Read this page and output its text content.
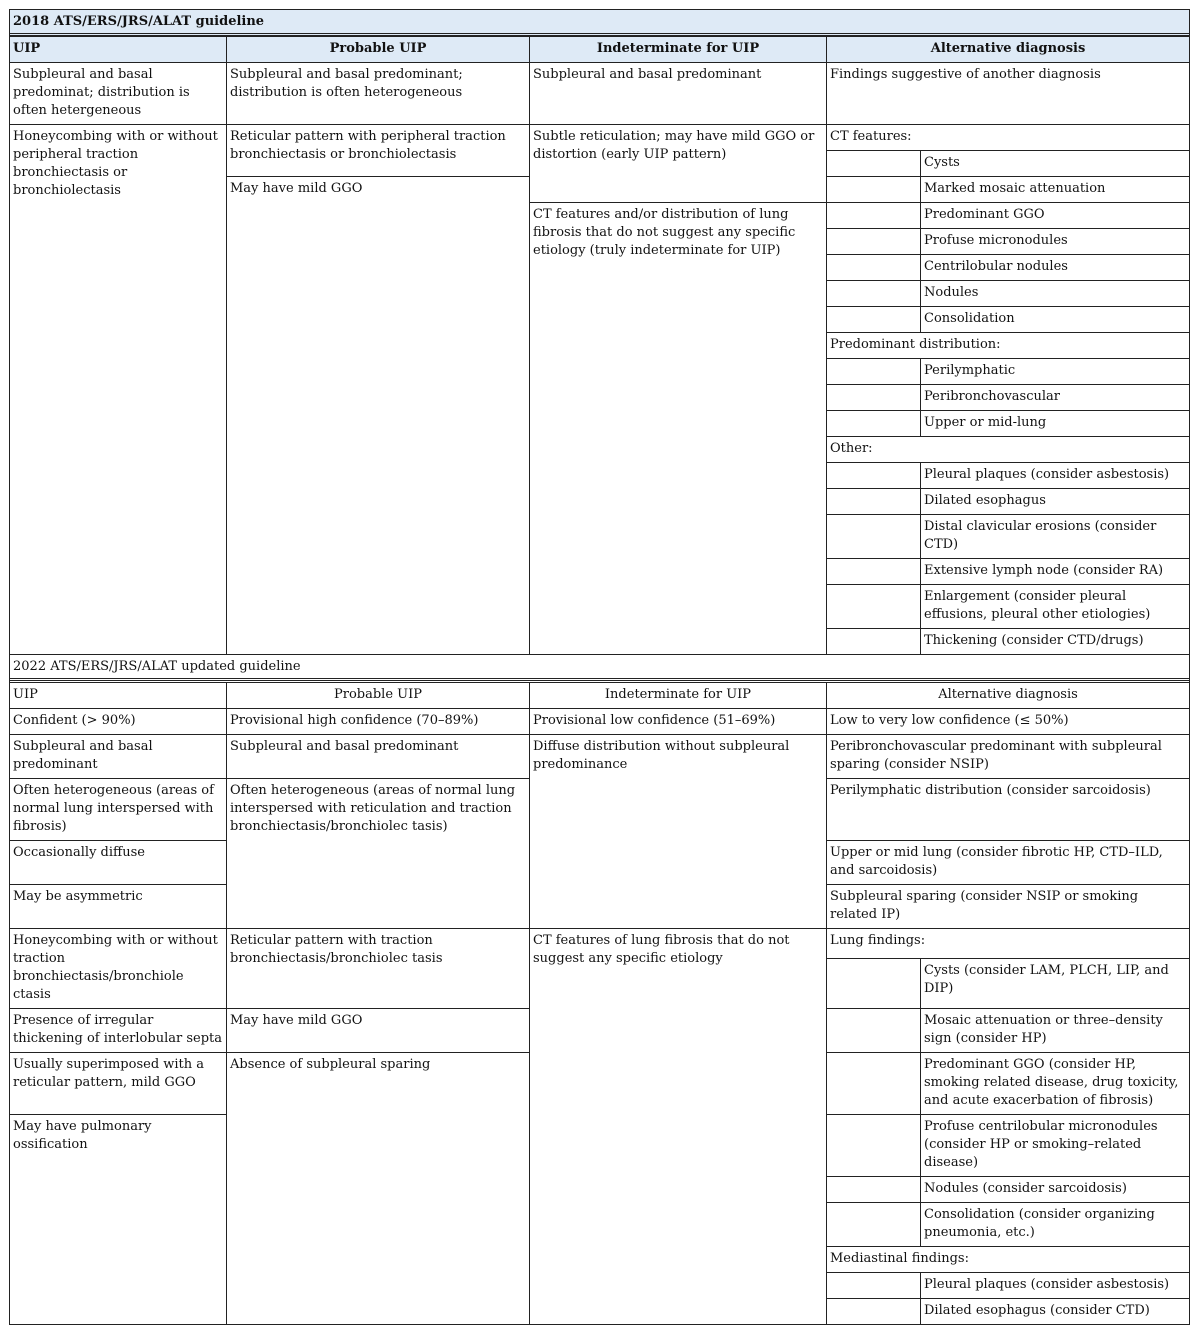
2018 ATS/ERS/JRS/ALAT guideline				

UIP	Probable UIP	Indeterminate for UIP	Alternative diagnosis	
Subpleural and basal predominat; distribution is often hetergeneous	Subpleural and basal predominant; distribution is often heterogeneous	Subpleural and basal predominant	Findings suggestive of another diagnosis	
Honeycombing with or without peripheral traction bronchiectasis or bronchiolectasis	Reticular pattern with peripheral traction bronchiectasis or bronchiolectasis	Subtle reticulation; may have mild GGO or distortion (early UIP pattern)	CT features:	
				Cysts
	May have mild GGO			Marked mosaic attenuation
		CT features and/or distribution of lung fibrosis that do not suggest any specific etiology (truly indeterminate for UIP)		Predominant GGO
				Profuse micronodules
				Centrilobular nodules
				Nodules
				Consolidation
			Predominant distribution:	
				Perilymphatic
				Peribronchovascular
				Upper or mid-lung
			Other:	
				Pleural plaques (consider asbestosis)
				Dilated esophagus
				Distal clavicular erosions (consider CTD)
				Extensive lymph node (consider RA)
				Enlargement (consider pleural effusions, pleural other etiologies)
				Thickening (consider CTD/drugs)

2022 ATS/ERS/JRS/ALAT updated guideline				

UIP	Probable UIP	Indeterminate for UIP	Alternative diagnosis	
Confident (> 90%)	Provisional high confidence (70–89%)	Provisional low confidence (51–69%)	Low to very low confidence (≤ 50%)	
Subpleural and basal predominant	Subpleural and basal predominant	Diffuse distribution without subpleural predominance	Peribronchovascular predominant with subpleural sparing (consider NSIP)	
Often heterogeneous (areas of normal lung interspersed with fibrosis)	Often heterogeneous (areas of normal lung interspersed with reticulation and traction bronchiectasis/bronchiolec tasis)		Perilymphatic distribution (consider sarcoidosis)	
Occasionally diffuse			Upper or mid lung (consider fibrotic HP, CTD–ILD, and sarcoidosis)	
May be asymmetric			Subpleural sparing (consider NSIP or smoking related IP)	
Honeycombing with or without traction bronchiectasis/bronchiole ctasis	Reticular pattern with traction bronchiectasis/bronchiolec tasis	CT features of lung fibrosis that do not suggest any specific etiology	Lung findings:	
				Cysts (consider LAM, PLCH, LIP, and DIP)
Presence of irregular thickening of interlobular septa	May have mild GGO			Mosaic attenuation or three–density sign (consider HP)
Usually superimposed with a reticular pattern, mild GGO	Absence of subpleural sparing			Predominant GGO (consider HP, smoking related disease, drug toxicity, and acute exacerbation of fibrosis)
May have pulmonary ossification				Profuse centrilobular micronodules (consider HP or smoking–related disease)
				Nodules (consider sarcoidosis)
				Consolidation (consider organizing pneumonia, etc.)
			Mediastinal findings:	
				Pleural plaques (consider asbestosis)
				Dilated esophagus (consider CTD)
